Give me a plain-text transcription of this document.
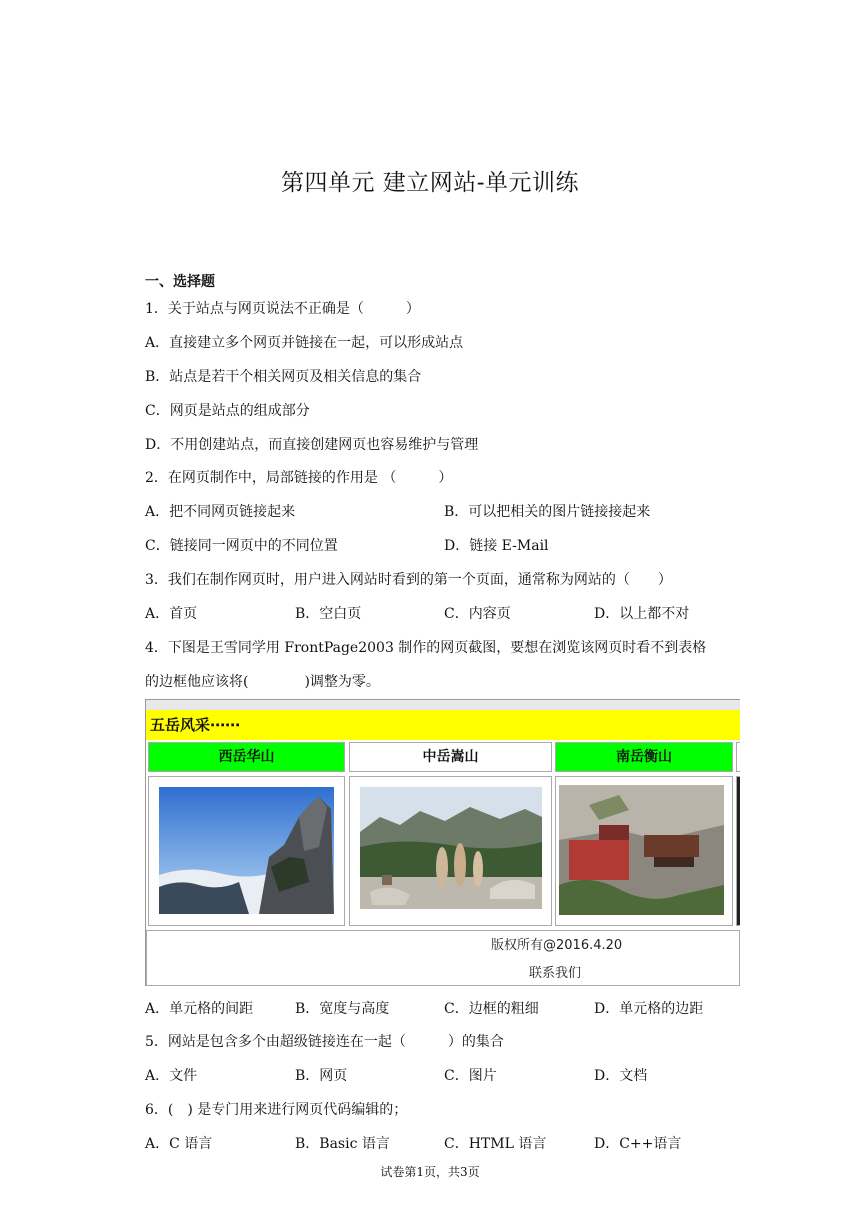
第四单元 建立网站-单元训练
一、选择题
1．关于站点与网页说法不正确是（　　　）
A．直接建立多个网页并链接在一起，可以形成站点
B．站点是若干个相关网页及相关信息的集合
C．网页是站点的组成部分
D．不用创建站点，而直接创建网页也容易维护与管理
2．在网页制作中，局部链接的作用是 （　　　）
A．把不同网页链接起来	B．可以把相关的图片链接接起来
C．链接同一网页中的不同位置	D．链接 E-Mail
3．我们在制作网页时，用户进入网站时看到的第一个页面，通常称为网站的（　　）
A．首页	B．空白页	C．内容页	D．以上都不对
4．下图是王雪同学用 FrontPage2003 制作的网页截图，要想在浏览该网页时看不到表格
的边框他应该将(　　　　)调整为零。
五岳风采⋯⋯
西岳华山	中岳嵩山	南岳衡山
版权所有@2016.4.20
联系我们
A．单元格的间距	B．宽度与高度	C．边框的粗细	D．单元格的边距
5．网站是包含多个由超级链接连在一起（　　　）的集合
A．文件	B．网页	C．图片	D．文档
6．(　) 是专门用来进行网页代码编辑的；
A．C 语言	B．Basic 语言	C．HTML 语言	D．C++语言
试卷第1页，共3页
